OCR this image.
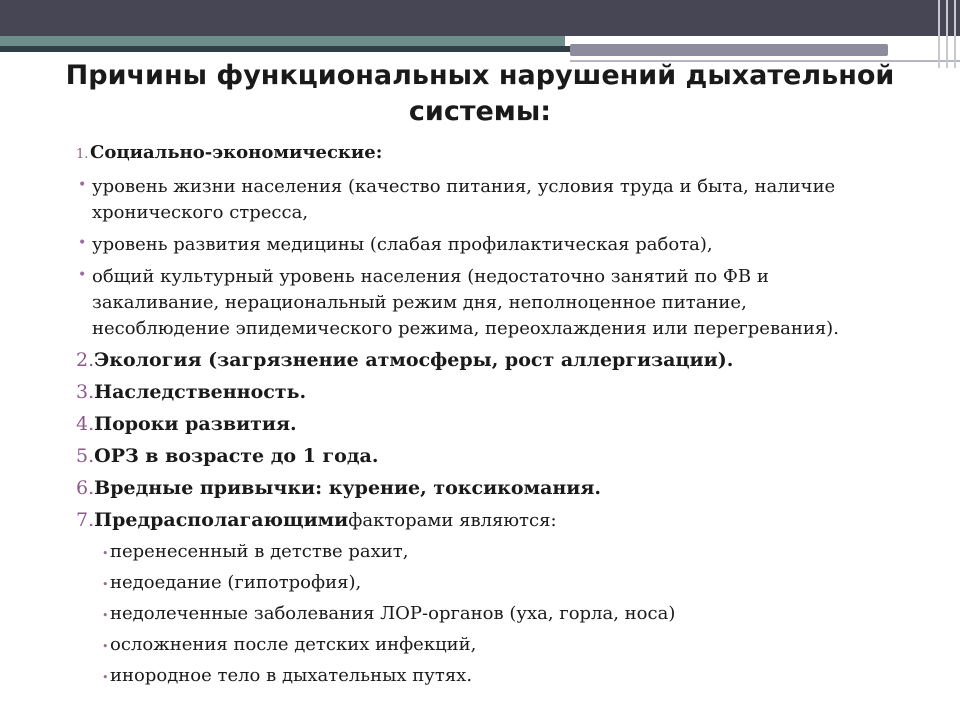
Причины функциональных нарушений дыхательной
системы:
1. Социально-экономические:
• уровень жизни населения (качество питания, условия труда и быта, наличие
хронического стресса,
• уровень развития медицины (слабая профилактическая работа),
• общий культурный уровень населения (недостаточно занятий по ФВ и
закаливание, нерациональный режим дня, неполноценное питание,
несоблюдение эпидемического режима, переохлаждения или перегревания).
2. Экология (загрязнение атмосферы, рост аллергизации).
3. Наследственность.
4. Пороки развития.
5. ОРЗ в возрасте до 1 года.
6. Вредные привычки: курение, токсикомания.
7. Предрасполагающими факторами являются:
• перенесенный в детстве рахит,
• недоедание (гипотрофия),
• недолеченные заболевания ЛОР-органов (уха, горла, носа)
• осложнения после детских инфекций,
• инородное тело в дыхательных путях.
